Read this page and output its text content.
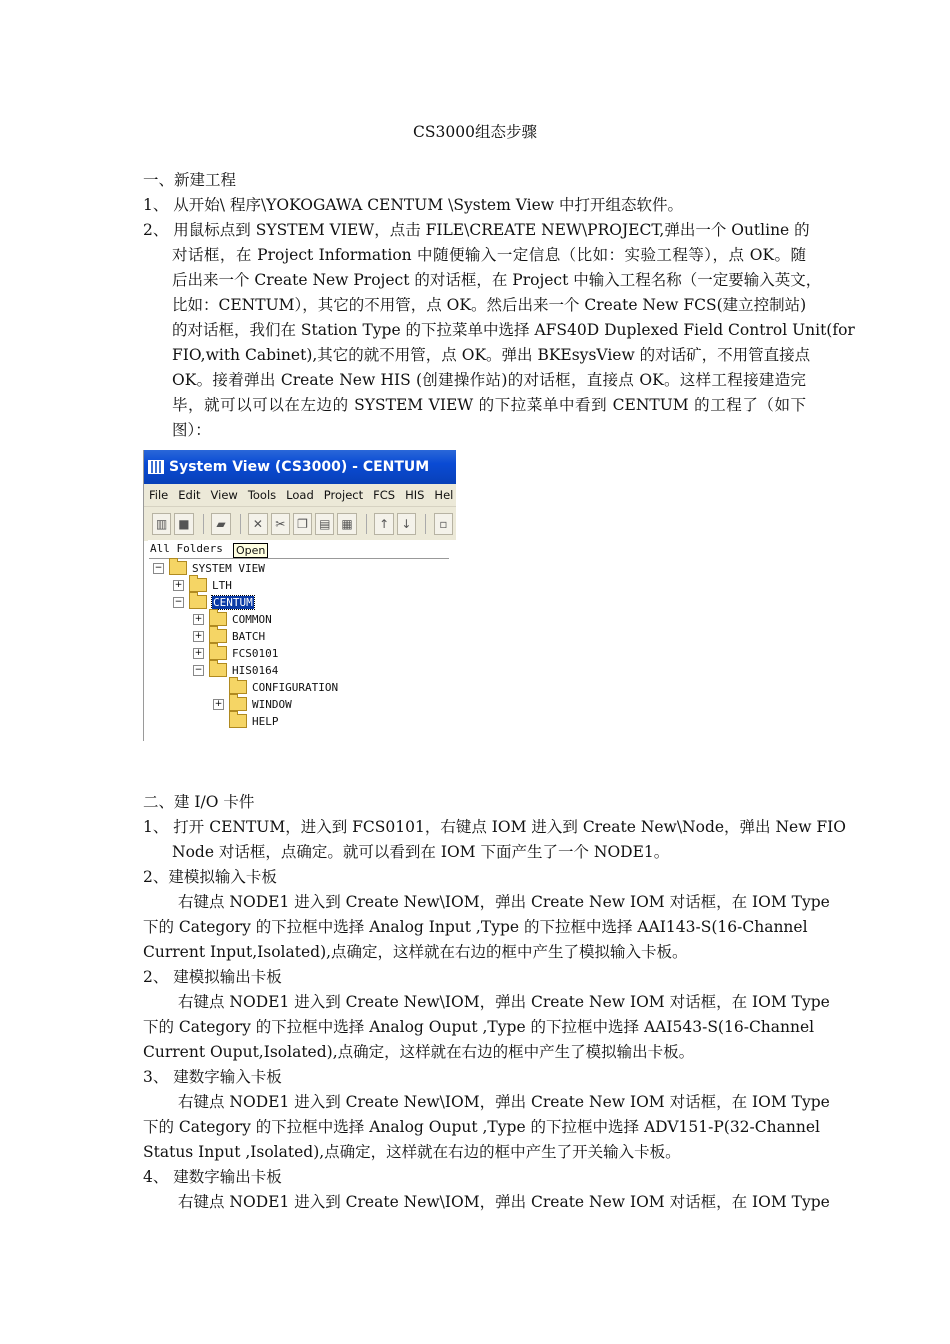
CS3000组态步骤
一、新建工程
1、 从开始\ 程序\YOKOGAWA CENTUM \System View 中打开组态软件。
2、 用鼠标点到 SYSTEM VIEW，点击 FILE\CREATE NEW\PROJECT,弹出一个 Outline 的
对话框，在 Project Information 中随便输入一定信息（比如：实验工程等），点 OK。随
后出来一个 Create New Project 的对话框，在 Project 中输入工程名称（一定要输入英文，
比如：CENTUM），其它的不用管，点 OK。然后出来一个 Create New FCS(建立控制站)
的对话框，我们在 Station Type 的下拉菜单中选择 AFS40D Duplexed Field Control Unit(for
FIO,with Cabinet),其它的就不用管，点 OK。弹出 BKEsysView 的对话矿，不用管直接点
OK。接着弹出 Create New HIS (创建操作站)的对话框，直接点 OK。这样工程接建造完
毕，就可以可以在左边的 SYSTEM VIEW 的下拉菜单中看到 CENTUM 的工程了（如下
图）：
System View (CS3000) - CENTUM
File Edit View Tools Load Project FCS HIS Hel
▥ ■	▰	✕	✂ ❐ ▤ ▦	↑	↓	▫
All Folders Open
−	SYSTEM VIEW
+	LTH
−	CENTUM
+	COMMON
+	BATCH
+	FCS0101
−	HIS0164
CONFIGURATION
+	WINDOW
HELP
二、建 I/O 卡件
1、 打开 CENTUM，进入到 FCS0101，右键点 IOM 进入到 Create New\Node，弹出 New FIO
Node 对话框，点确定。就可以看到在 IOM 下面产生了一个 NODE1。
2、建模拟输入卡板
右键点 NODE1 进入到 Create New\IOM，弹出 Create New IOM 对话框，在 IOM Type
下的 Category 的下拉框中选择 Analog Input ,Type 的下拉框中选择 AAI143-S(16-Channel
Current Input,Isolated),点确定，这样就在右边的框中产生了模拟输入卡板。
2、 建模拟输出卡板
右键点 NODE1 进入到 Create New\IOM，弹出 Create New IOM 对话框，在 IOM Type
下的 Category 的下拉框中选择 Analog Ouput ,Type 的下拉框中选择 AAI543-S(16-Channel
Current Ouput,Isolated),点确定，这样就在右边的框中产生了模拟输出卡板。
3、 建数字输入卡板
右键点 NODE1 进入到 Create New\IOM，弹出 Create New IOM 对话框，在 IOM Type
下的 Category 的下拉框中选择 Analog Ouput ,Type 的下拉框中选择 ADV151-P(32-Channel
Status Input ,Isolated),点确定，这样就在右边的框中产生了开关输入卡板。
4、 建数字输出卡板
右键点 NODE1 进入到 Create New\IOM，弹出 Create New IOM 对话框，在 IOM Type
